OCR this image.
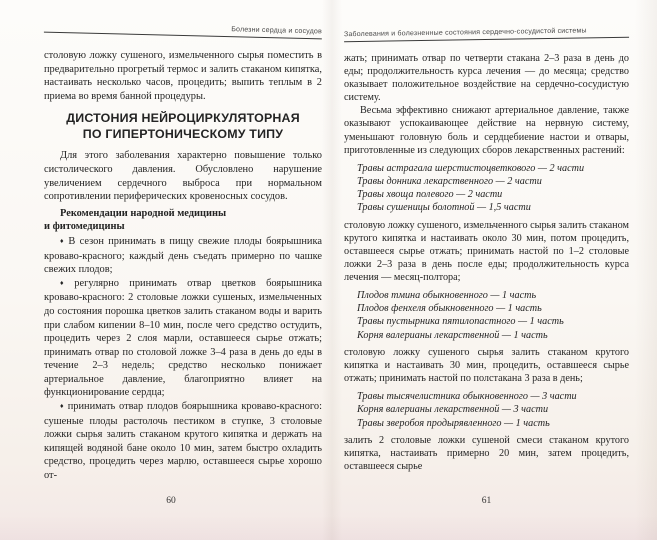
Болезни сердца и сосудов

столовую ложку сушеного, измельченного сырья поместить в предварительно прогретый термос и залить стаканом кипятка, настаивать несколько часов, процедить; выпить теплым в 2 приема во время банной процедуры.

ДИСТОНИЯ НЕЙРОЦИРКУЛЯТОРНАЯ
ПО ГИПЕРТОНИЧЕСКОМУ ТИПУ

Для этого заболевания характерно повышение только систолического давления. Обусловлено нарушение увеличением сердечного выброса при нормальном сопротивлении периферических кровеносных сосудов.

Рекомендации народной медицины
и фитомедицины

♦ В сезон принимать в пищу свежие плоды боярышника кроваво-красного; каждый день съедать примерно по чашке свежих плодов;

♦ регулярно принимать отвар цветков боярышника кроваво-красного: 2 столовые ложки сушеных, измельченных до состояния порошка цветков залить стаканом воды и варить при слабом кипении 8–10 мин, после чего средство остудить, процедить через 2 слоя марли, оставшееся сырье отжать; принимать отвар по столовой ложке 3–4 раза в день до еды в течение 2–3 недель; средство несколько понижает артериальное давление, благоприятно влияет на функционирование сердца;

♦ принимать отвар плодов боярышника кроваво-красного: сушеные плоды растолочь пестиком в ступке, 3 столовые ложки сырья залить стаканом крутого кипятка и держать на кипящей водяной бане около 10 мин, затем быстро охладить средство, процедить через марлю, оставшееся сырье хорошо от-

60
Заболевания и болезненные состояния сердечно-сосудистой системы

жать; принимать отвар по четверти стакана 2–3 раза в день до еды; продолжительность курса лечения — до месяца; средство оказывает положительное воздействие на сердечно-сосудистую систему.

Весьма эффективно снижают артериальное давление, также оказывают успокаивающее действие на нервную систему, уменьшают головную боль и сердцебиение настои и отвары, приготовленные из следующих сборов лекарственных растений:

Травы астрагала шерстистоцветкового — 2 части
Травы донника лекарственного — 2 части
Травы хвоща полевого — 2 части
Травы сушеницы болотной — 1,5 части

столовую ложку сушеного, измельченного сырья залить стаканом крутого кипятка и настаивать около 30 мин, потом процедить, оставшееся сырье отжать; принимать настой по 1–2 столовые ложки 2–3 раза в день после еды; продолжительность курса лечения — месяц-полтора;

Плодов тмина обыкновенного — 1 часть
Плодов фенхеля обыкновенного — 1 часть
Травы пустырника пятилопастного — 1 часть
Корня валерианы лекарственной — 1 часть

столовую ложку сушеного сырья залить стаканом крутого кипятка и настаивать 30 мин, процедить, оставшееся сырье отжать; принимать настой по полстакана 3 раза в день;

Травы тысячелистника обыкновенного — 3 части
Корня валерианы лекарственной — 3 части
Травы зверобоя продырявленного — 1 часть

залить 2 столовые ложки сушеной смеси стаканом крутого кипятка, настаивать примерно 20 мин, затем процедить, оставшееся сырье

61
